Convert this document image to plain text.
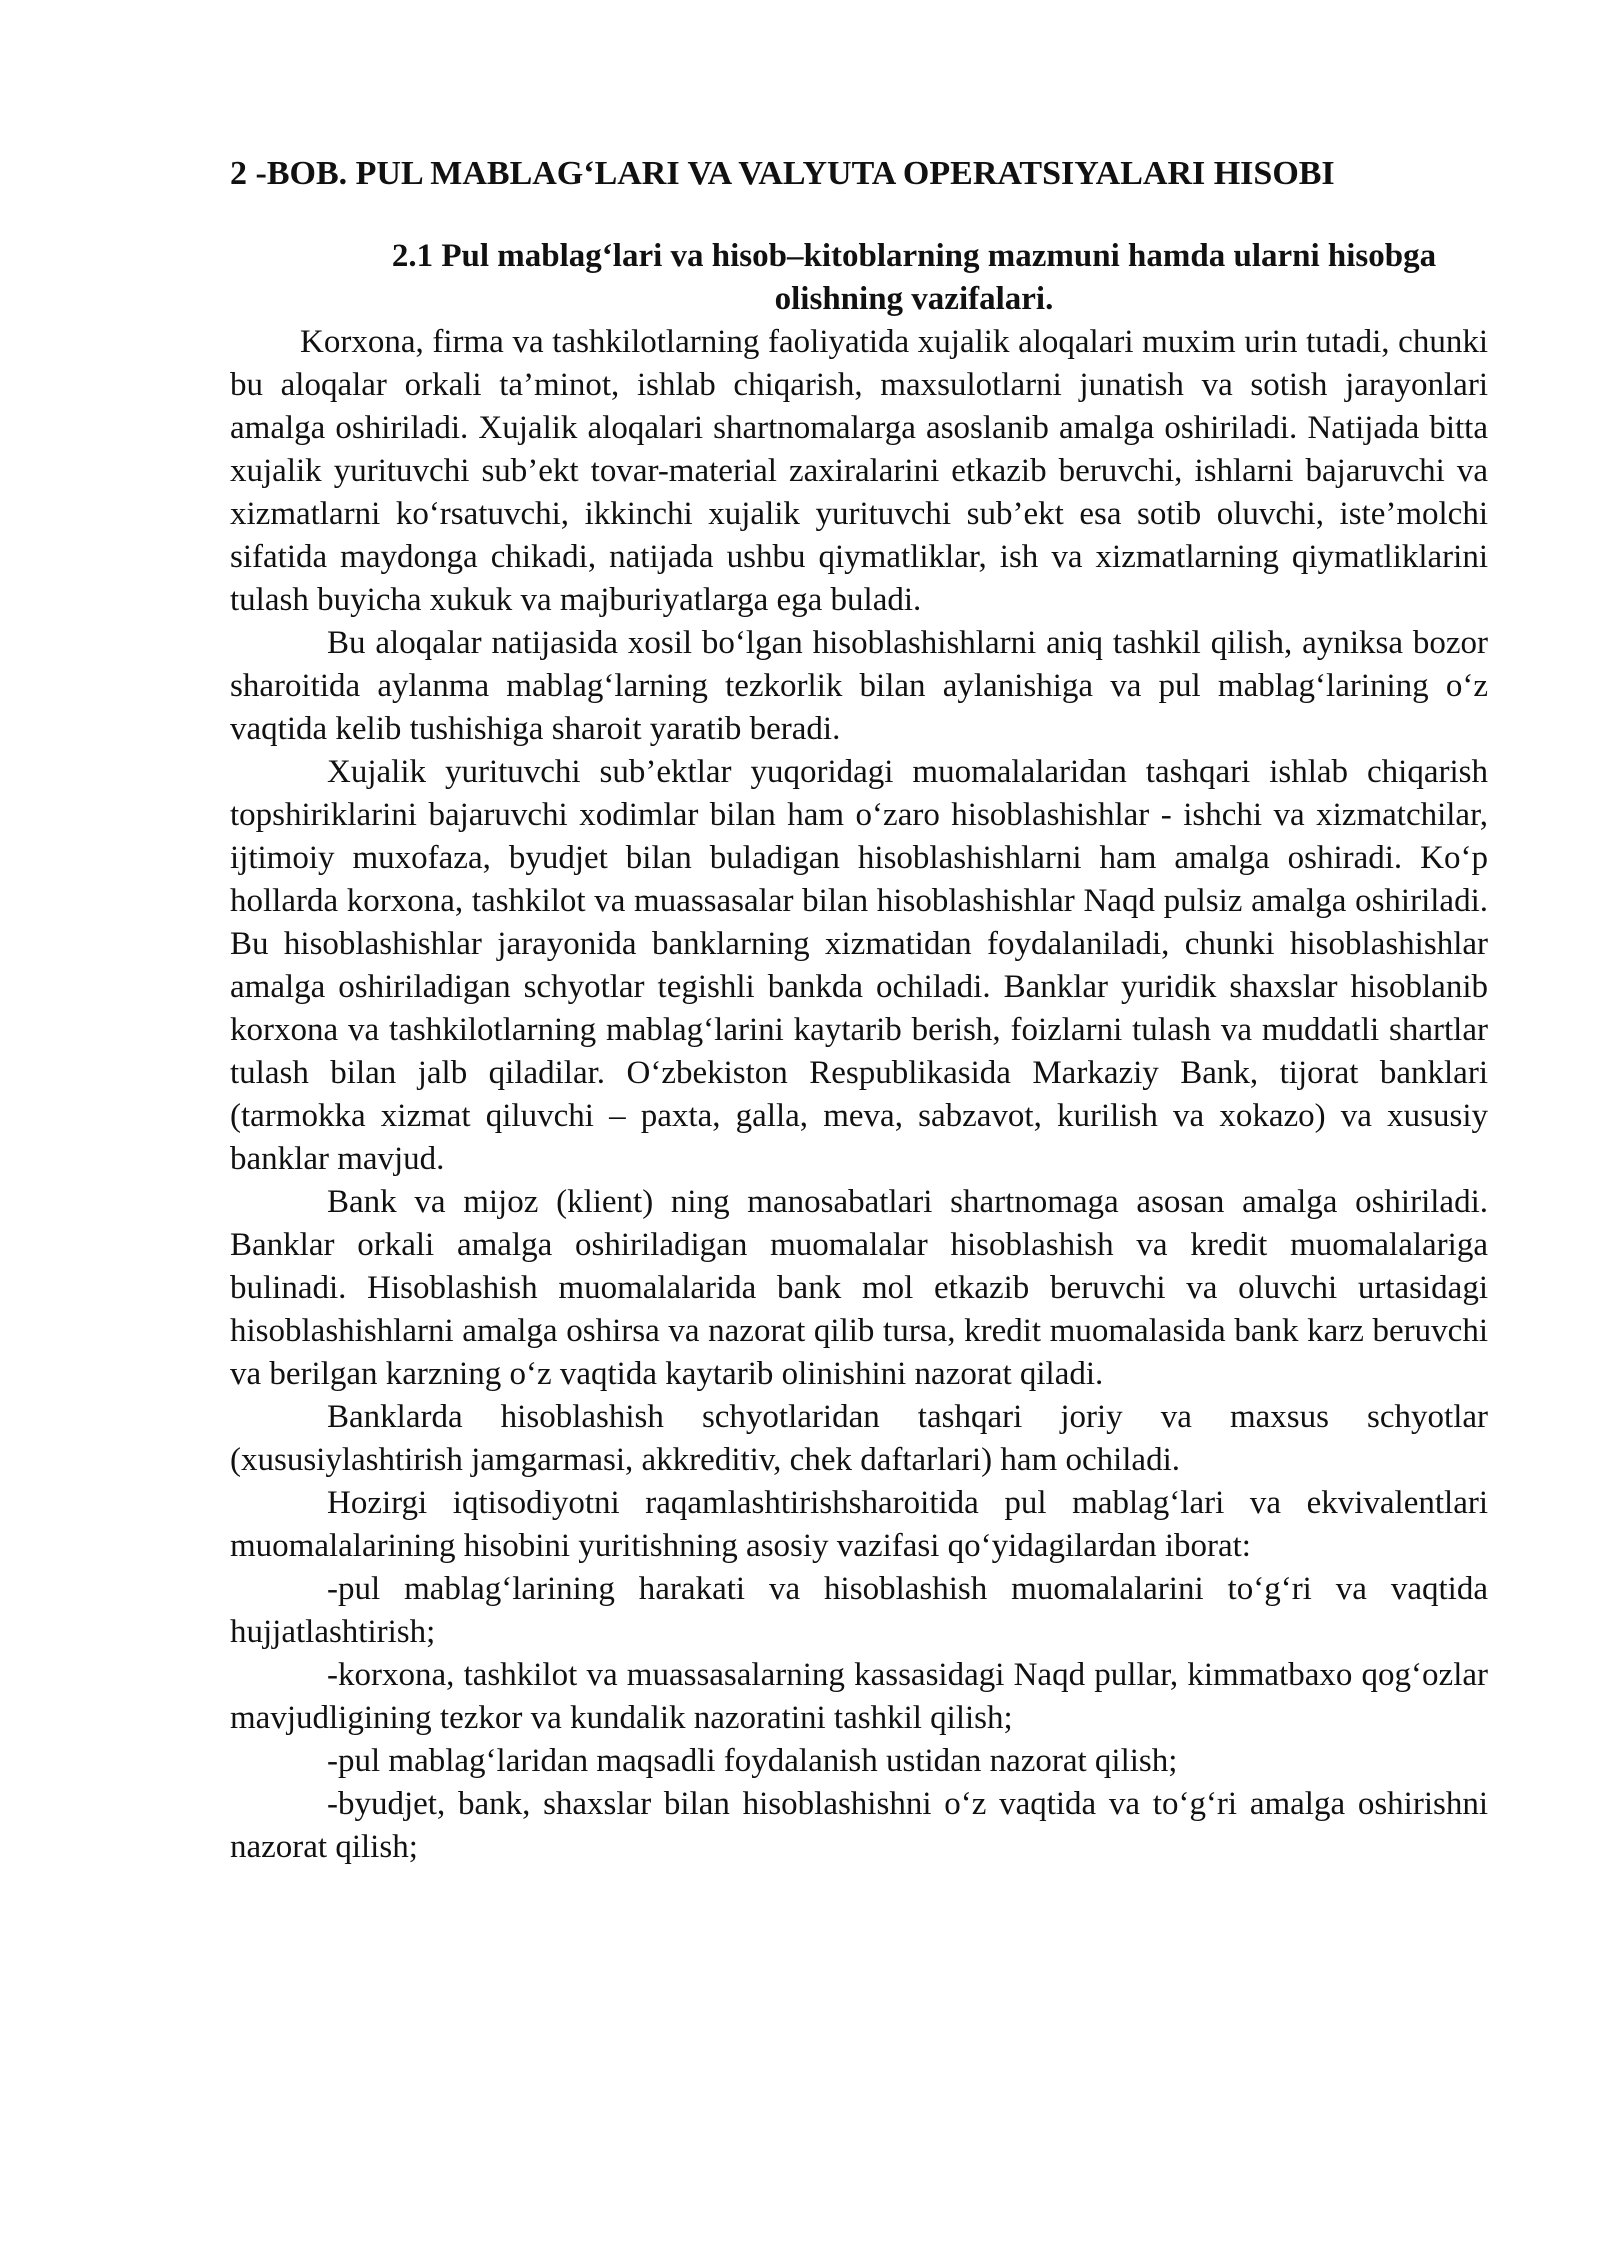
2 -BOB. PUL MABLAG‘LARI VA VALYUTA OPERATSIYALARI HISOBI
2.1 Pul mablag‘lari va hisob–kitoblarning mazmuni hamda ularni hisobga olishning vazifalari.

Korxona, firma va tashkilotlarning faoliyatida xujalik aloqalari muxim urin tutadi, chunki bu aloqalar orkali ta’minot, ishlab chiqarish, maxsulotlarni junatish va sotish jarayonlari amalga oshiriladi. Xujalik aloqalari shartnomalarga asoslanib amalga oshiriladi. Natijada bitta xujalik yurituvchi sub’ekt tovar-material zaxiralarini etkazib beruvchi, ishlarni bajaruvchi va xizmatlarni ko‘rsatuvchi, ikkinchi xujalik yurituvchi sub’ekt esa sotib oluvchi, iste’molchi sifatida maydonga chikadi, natijada ushbu qiymatliklar, ish va xizmatlarning qiymatliklarini tulash buyicha xukuk va majburiyatlarga ega buladi.

Bu aloqalar natijasida xosil bo‘lgan hisoblashishlarni aniq tashkil qilish, ayniksa bozor sharoitida aylanma mablag‘larning tezkorlik bilan aylanishiga va pul mablag‘larining o‘z vaqtida kelib tushishiga sharoit yaratib beradi.

Xujalik yurituvchi sub’ektlar yuqoridagi muomalalaridan tashqari ishlab chiqarish topshiriklarini bajaruvchi xodimlar bilan ham o‘zaro hisoblashishlar - ishchi va xizmatchilar, ijtimoiy muxofaza, byudjet bilan buladigan hisoblashishlarni ham amalga oshiradi. Ko‘p hollarda korxona, tashkilot va muassasalar bilan hisoblashishlar Naqd pulsiz amalga oshiriladi. Bu hisoblashishlar jarayonida banklarning xizmatidan foydalaniladi, chunki hisoblashishlar amalga oshiriladigan schyotlar tegishli bankda ochiladi. Banklar yuridik shaxslar hisoblanib korxona va tashkilotlarning mablag‘larini kaytarib berish, foizlarni tulash va muddatli shartlar tulash bilan jalb qiladilar. O‘zbekiston Respublikasida Markaziy Bank, tijorat banklari (tarmokka xizmat qiluvchi – paxta, galla, meva, sabzavot, kurilish va xokazo) va xususiy banklar mavjud.

Bank va mijoz (klient) ning manosabatlari shartnomaga asosan amalga oshiriladi. Banklar orkali amalga oshiriladigan muomalalar hisoblashish va kredit muomalalariga bulinadi. Hisoblashish muomalalarida bank mol etkazib beruvchi va oluvchi urtasidagi hisoblashishlarni amalga oshirsa va nazorat qilib tursa, kredit muomalasida bank karz beruvchi va berilgan karzning o‘z vaqtida kaytarib olinishini nazorat qiladi.

Banklarda hisoblashish schyotlaridan tashqari joriy va maxsus schyotlar (xususiylashtirish jamgarmasi, akkreditiv, chek daftarlari) ham ochiladi.

Hozirgi iqtisodiyotni raqamlashtirishsharoitida pul mablag‘lari va ekvivalentlari muomalalarining hisobini yuritishning asosiy vazifasi qo‘yidagilardan iborat:

-pul mablag‘larining harakati va hisoblashish muomalalarini to‘g‘ri va vaqtida hujjatlashtirish;

-korxona, tashkilot va muassasalarning kassasidagi Naqd pullar, kimmatbaxo qog‘ozlar mavjudligining tezkor va kundalik nazoratini tashkil qilish;

-pul mablag‘laridan maqsadli foydalanish ustidan nazorat qilish;

-byudjet, bank, shaxslar bilan hisoblashishni o‘z vaqtida va to‘g‘ri amalga oshirishni nazorat qilish;
